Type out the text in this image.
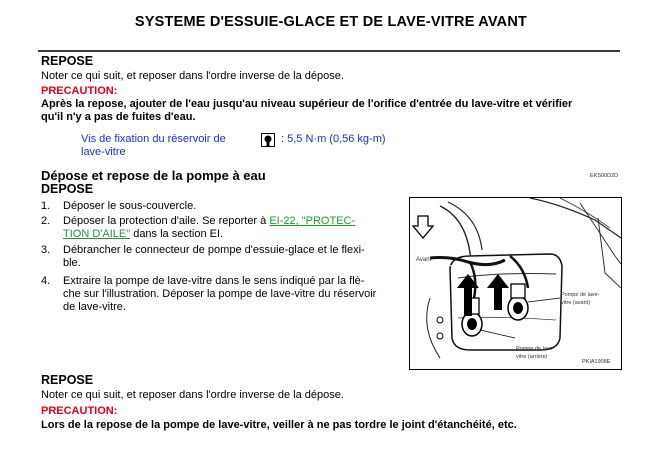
SYSTEME D'ESSUIE-GLACE ET DE LAVE-VITRE AVANT
REPOSE
Noter ce qui suit, et reposer dans l'ordre inverse de la dépose.
PRECAUTION:
Après la repose, ajouter de l'eau jusqu'au niveau supérieur de l'orifice d'entrée du lave-vitre et vérifier
qu'il n'y a pas de fuites d'eau.
Vis de fixation du réservoir de
lave-vitre
: 5,5 N·m (0,56 kg-m)
Dépose et repose de la pompe à eau	EKS00D2D
DEPOSE
1. Déposer le sous-couvercle.
2. Déposer la protection d'aile. Se reporter à EI-22, "PROTEC-
TION D'AILE" dans la section EI.
3. Débrancher le connecteur de pompe d'essuie-glace et le flexi-
ble.
4. Extraire la pompe de lave-vitre dans le sens indiqué par la flè-
che sur l'illustration. Déposer la pompe de lave-vitre du réservoir
de lave-vitre.
Avant
Pompe de lave-
vitre (avant)
Pompe de lave-
vitre (arrière)
PKIA1908E
REPOSE
Noter ce qui suit, et reposer dans l'ordre inverse de la dépose.
PRECAUTION:
Lors de la repose de la pompe de lave-vitre, veiller à ne pas tordre le joint d'étanchéité, etc.
